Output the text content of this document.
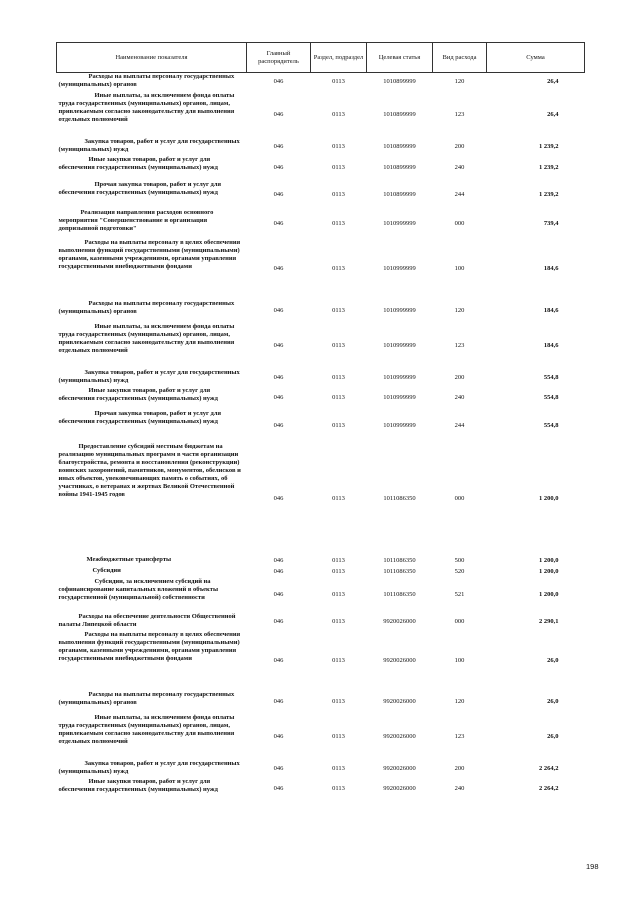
Наименование показателя	Главный распорядитель	Раздел, подраздел	Целевая статья	Вид расхода	Сумма

Расходы на выплаты персоналу государственных (муниципальных) органов	046	0113	1010899999	120	26,4

Иные выплаты, за исключением фонда оплаты труда государственных (муниципальных) органов, лицам, привлекаемым согласно законодательству для выполнения отдельных полномочий	046	0113	1010899999	123	26,4

Закупка товаров, работ и услуг для государственных (муниципальных) нужд	046	0113	1010899999	200	1 239,2

Иные закупки товаров, работ и услуг для обеспечения государственных (муниципальных) нужд	046	0113	1010899999	240	1 239,2

Прочая закупка товаров, работ и услуг для обеспечения государственных (муниципальных) нужд	046	0113	1010899999	244	1 239,2

Реализация направления расходов основного мероприятия "Совершенствование и организация допризывной подготовки"	046	0113	1010999999	000	739,4

Расходы на выплаты персоналу в целях обеспечения выполнения функций государственными (муниципальными) органами, казенными учреждениями, органами управления государственными внебюджетными фондами	046	0113	1010999999	100	184,6

Расходы на выплаты персоналу государственных (муниципальных) органов	046	0113	1010999999	120	184,6

Иные выплаты, за исключением фонда оплаты труда государственных (муниципальных) органов, лицам, привлекаемым согласно законодательству для выполнения отдельных полномочий	046	0113	1010999999	123	184,6

Закупка товаров, работ и услуг для государственных (муниципальных) нужд	046	0113	1010999999	200	554,8

Иные закупки товаров, работ и услуг для обеспечения государственных (муниципальных) нужд	046	0113	1010999999	240	554,8

Прочая закупка товаров, работ и услуг для обеспечения государственных (муниципальных) нужд	046	0113	1010999999	244	554,8

Предоставление субсидий местным бюджетам на реализацию муниципальных программ в части организации благоустройства, ремонта и восстановления (реконструкции) воинских захоронений, памятников, монументов, обелисков и иных объектов, увековечивающих память о событиях, об участниках, о ветеранах и жертвах Великой Отечественной войны 1941-1945 годов	046	0113	1011086350	000	1 200,0

Межбюджетные трансферты	046	0113	1011086350	500	1 200,0

Субсидии	046	0113	1011086350	520	1 200,0

Субсидии, за исключением субсидий на софинансирование капитальных вложений в объекты государственной (муниципальной) собственности	046	0113	1011086350	521	1 200,0

Расходы на обеспечение деятельности Общественной палаты Липецкой области	046	0113	9920026000	000	2 290,1

Расходы на выплаты персоналу в целях обеспечения выполнения функций государственными (муниципальными) органами, казенными учреждениями, органами управления государственными внебюджетными фондами	046	0113	9920026000	100	26,0

Расходы на выплаты персоналу государственных (муниципальных) органов	046	0113	9920026000	120	26,0

Иные выплаты, за исключением фонда оплаты труда государственных (муниципальных) органов, лицам, привлекаемым согласно законодательству для выполнения отдельных полномочий	046	0113	9920026000	123	26,0

Закупка товаров, работ и услуг для государственных (муниципальных) нужд	046	0113	9920026000	200	2 264,2

Иные закупки товаров, работ и услуг для обеспечения государственных (муниципальных) нужд	046	0113	9920026000	240	2 264,2
198
